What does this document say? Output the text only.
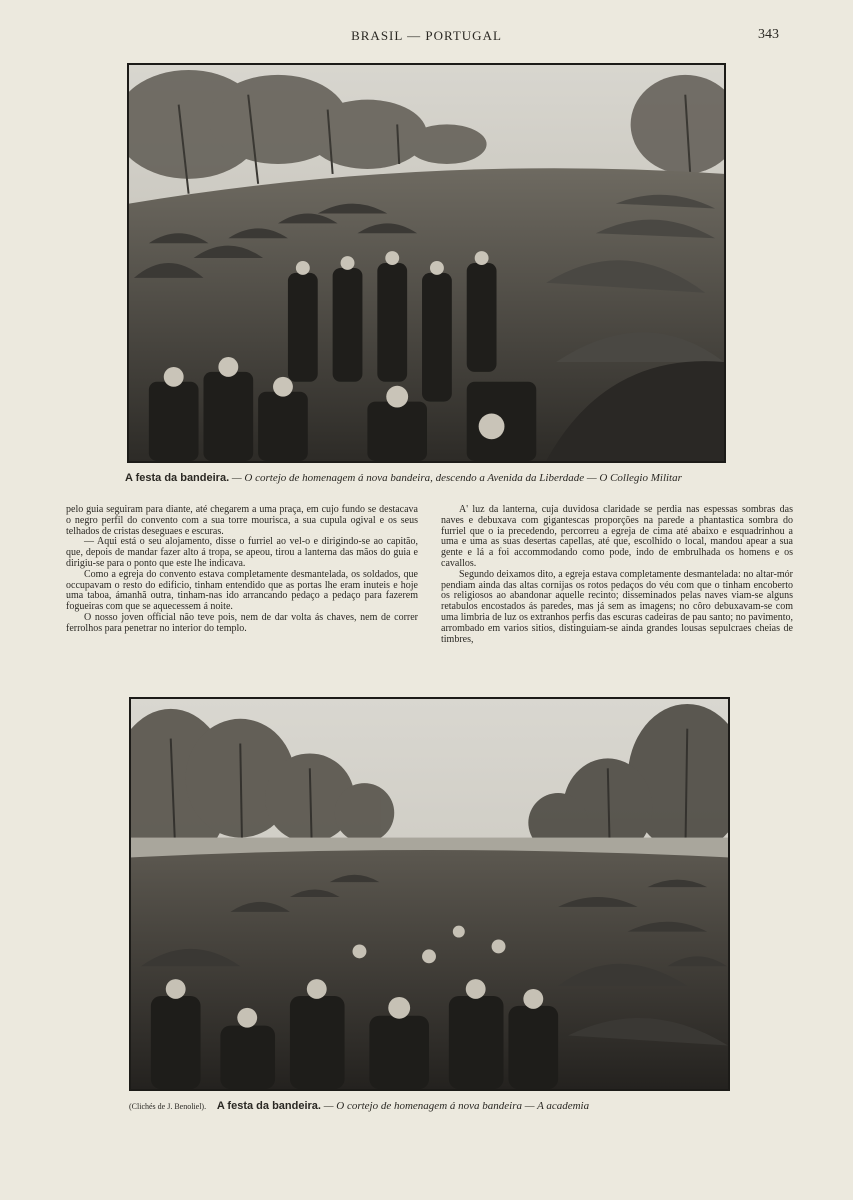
BRASIL — PORTUGAL	343
A festa da bandeira. — O cortejo de homenagem á nova bandeira, descendo a Avenida da Liberdade — O Collegio Militar

pelo guia seguiram para diante, até chegarem a uma praça, em cujo fundo se destacava o negro perfil do convento com a sua torre mourisca, a sua cupula ogival e os seus telhados de cristas deseguaes e escuras.

— Aqui está o seu alojamento, disse o furriel ao vel-o e dirigindo-se ao capitão, que, depois de mandar fazer alto á tropa, se apeou, tirou a lanterna das mãos do guia e dirigiu-se para o ponto que este lhe indicava.

Como a egreja do convento estava completamente desmantelada, os soldados, que occupavam o resto do edificio, tinham entendido que as portas lhe eram inuteis e hoje uma taboa, ámanhã outra, tinham-nas ido arrancando pedaço a pedaço para fazerem fogueiras com que se aquecessem á noite.

O nosso joven official não teve pois, nem de dar volta ás chaves, nem de correr ferrolhos para penetrar no interior do templo.

A' luz da lanterna, cuja duvidosa claridade se perdia nas espessas sombras das naves e debuxava com gigantescas proporções na parede a phantastica sombra do furriel que o ia precedendo, percorreu a egreja de cima até abaixo e esquadrinhou a uma e uma as suas desertas capellas, até que, escolhido o local, mandou apear a sua gente e lá a foi accommodando como pode, indo de embrulhada os homens e os cavallos.

Segundo deixamos dito, a egreja estava completamente desmantelada: no altar-mór pendiam ainda das altas cornijas os rotos pedaços do véu com que o tinham encoberto os religiosos ao abandonar aquelle recinto; disseminados pelas naves viam-se alguns retabulos encostados ás paredes, mas já sem as imagens; no côro debuxavam-se com uma limbria de luz os extranhos perfis das escuras cadeiras de pau santo; no pavimento, arrombado em varios sitios, distinguiam-se ainda grandes lousas sepulcraes cheias de timbres,

(Clichés de J. Benoliel). A festa da bandeira. — O cortejo de homenagem á nova bandeira — A academia
